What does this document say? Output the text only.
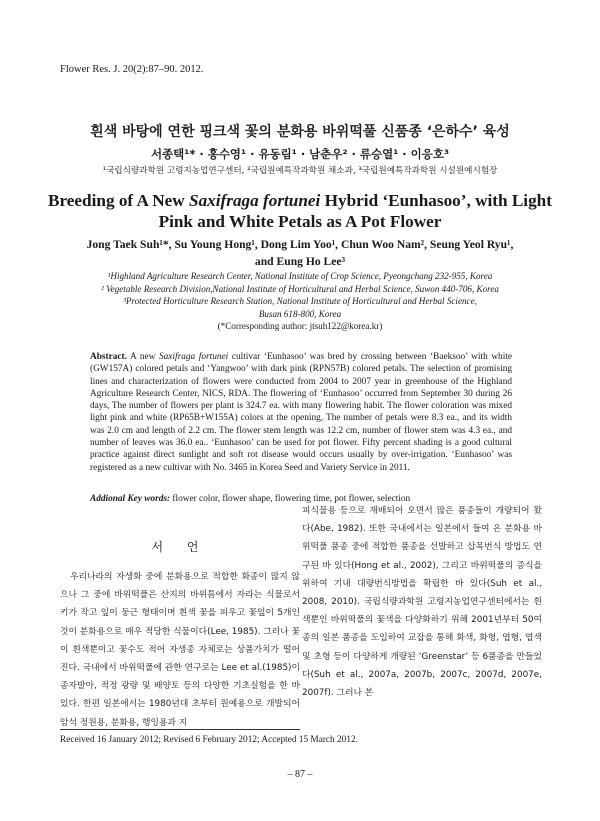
Flower Res. J. 20(2):87–90. 2012.
흰색 바탕에 연한 핑크색 꽃의 분화용 바위떡풀 신품종 ‘은하수’ 육성
서종택¹* · 홍수영¹ · 유동림¹ · 남춘우² · 류승열¹ · 이응호³
¹국립식량과학원 고령지농업연구센터, ²국립원예특작과학원 채소과, ³국립원예특작과학원 시설원예시험장
Breeding of A New Saxifraga fortunei Hybrid ‘Eunhasoo’, with Light
Pink and White Petals as A Pot Flower
Jong Taek Suh¹*, Su Young Hong¹, Dong Lim Yoo¹, Chun Woo Nam², Seung Yeol Ryu¹,
and Eung Ho Lee³
¹Highland Agriculture Research Center, National Institute of Crop Science, Pyeongchang 232-955, Korea
² Vegetable Research Division,National Institute of Horticultural and Herbal Science, Suwon 440-706, Korea
³Protected Horticulture Research Station, National Institute of Horticultural and Herbal Science,
Busan 618-800, Korea
(*Corresponding author: jtsuh122@korea.kr)
Abstract. A new Saxifraga fortunei cultivar ‘Eunhasoo’ was bred by crossing between ‘Baeksoo’ with white (GW157A) colored petals and ‘Yangwoo’ with dark pink (RPN57B) colored petals. The selection of promising lines and characterization of flowers were conducted from 2004 to 2007 year in greenhouse of the Highland Agriculture Research Center, NICS, RDA. The flowering of ‘Eunhasoo’ occurred from September 30 during 26 days, The number of flowers per plant is 324.7 ea. with many flowering habit. The flower coloration was mixed light pink and white (RP65B+W155A) colors at the opening, The number of petals were 8.3 ea., and its width was 2.0 cm and length of 2.2 cm. The flower stem length was 12.2 cm, number of flower stem was 4.3 ea., and number of leaves was 36.0 ea.. ‘Eunhasoo’ can be used for pot flower. Fifty percent shading is a good cultural practice against direct sunlight and soft rot disease would occurs usually by over-irrigation. ‘Eunhasoo’ was registered as a new cultivar with No. 3465 in Korea Seed and Variety Service in 2011.
Addional Key words: flower color, flower shape, flowering time, pot flower, selection
서 언

우리나라의 자생화 중에 분화용으로 적합한 화종이 많지 않으나 그 중에 바위떡풀은 산지의 바위틈에서 자라는 식물로서 키가 작고 잎이 둥근 형태이며 흰색 꽃을 피우고 꽃잎이 5개인 것이 분화용으로 매우 적당한 식물이다(Lee, 1985). 그러나 꽃이 흰색뿐이고 꽃수도 적어 자생종 자체로는 상품가치가 떨어진다. 국내에서 바위떡풀에 관한 연구로는 Lee et al.(1985)이 종자발아, 적정 광량 및 배양토 등의 다양한 기초실험을 한 바 있다. 한편 일본에서는 1980년대 초부터 원예용으로 개발되어 암석 정원용, 분화용, 행잉용과 지

피식물용 등으로 재배되어 오면서 많은 품종들이 개량되어 왔다(Abe, 1982). 또한 국내에서는 일본에서 들여 온 분화용 바위떡풀 품종 중에 적합한 품종을 선발하고 삽목번식 방법도 연구된 바 있다(Hong et al., 2002), 그리고 바위떡풀의 증식을 위하여 기내 대량번식방법을 확립한 바 있다(Suh et al., 2008, 2010). 국립식량과학원 고령지농업연구센터에서는 흰색뿐인 바위떡풀의 꽃색을 다양화하기 위해 2001년부터 50여종의 일본 품종을 도입하여 교잡을 통해 화색, 화형, 엽형, 엽색 및 초형 등이 다양하게 개량된 ‘Greenstar’ 등 6품종을 만들었다(Suh et al., 2007a, 2007b, 2007c, 2007d, 2007e, 2007f). 그러나 본

Received 16 January 2012; Revised 6 February 2012; Accepted 15 March 2012.
– 87 –
